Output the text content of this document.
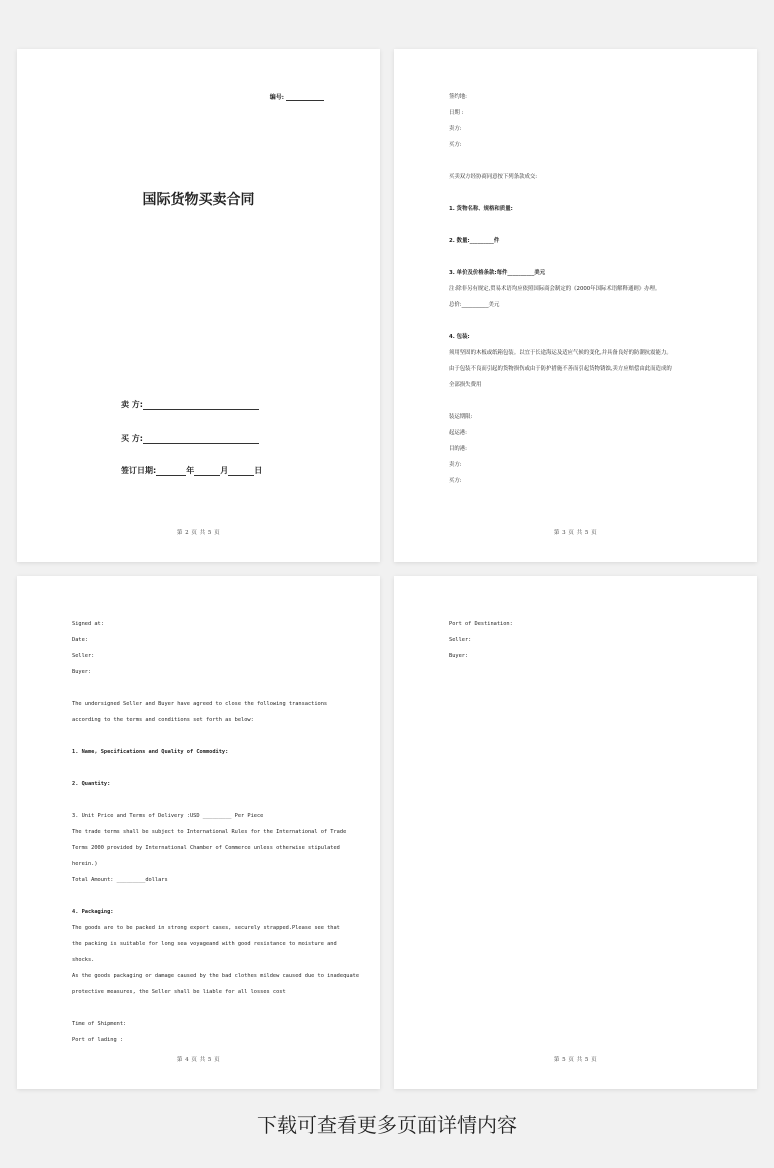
编号:
国际货物买卖合同
卖 方:
买 方:
签订日期:	年	月	日
第 2 页 共 5 页
签约地:
日期 :
卖方:
买方:
买卖双方经协商同意按下列条款成交:
1. 货物名称、规格和质量:
2. 数量:_________件
3. 单价及价格条款:每件__________美元
注:除非另有规定,贸易术语均应依照国际商会制定的《2000年国际术语解释通则》办理。
总价:__________美元
4. 包装:
须用坚固的木板或纸箱包装。以宜于长途海运及适应气候的变化,并具备良好的防潮抗震能力。
由于包装不良而引起的货物损伤或由于防护措施不善而引起货物锈蚀,卖方应赔偿由此而造成的
全部损失费用
装运期限:
起运港:
目的港:
卖方:
买方:
第 3 页 共 5 页
Signed at:
Date:
Seller:
Buyer:
The undersigned Seller and Buyer have agreed to close the following transactions
according to the terms and conditions set forth as below:
1. Name, Specifications and Quality of Commodity:
2. Quantity:
3. Unit Price and Terms of Delivery :USD _________ Per Piece
The trade terms shall be subject to International Rules for the International of Trade
Terms 2000 provided by International Chamber of Commerce unless otherwise stipulated
herein.)
Total Amount: _________dollars
4. Packaging:
The goods are to be packed in strong export cases, securely strapped.Please see that
the packing is suitable for long sea voyageand with good resistance to moisture and
shocks.
As the goods packaging or damage caused by the bad clothes mildew caused due to inadequate
protective measures, the Seller shall be liable for all losses cost
Time of Shipment:
Port of lading :
第 4 页 共 5 页
Port of Destination:
Seller:
Buyer:
第 5 页 共 5 页
下载可查看更多页面详情内容
